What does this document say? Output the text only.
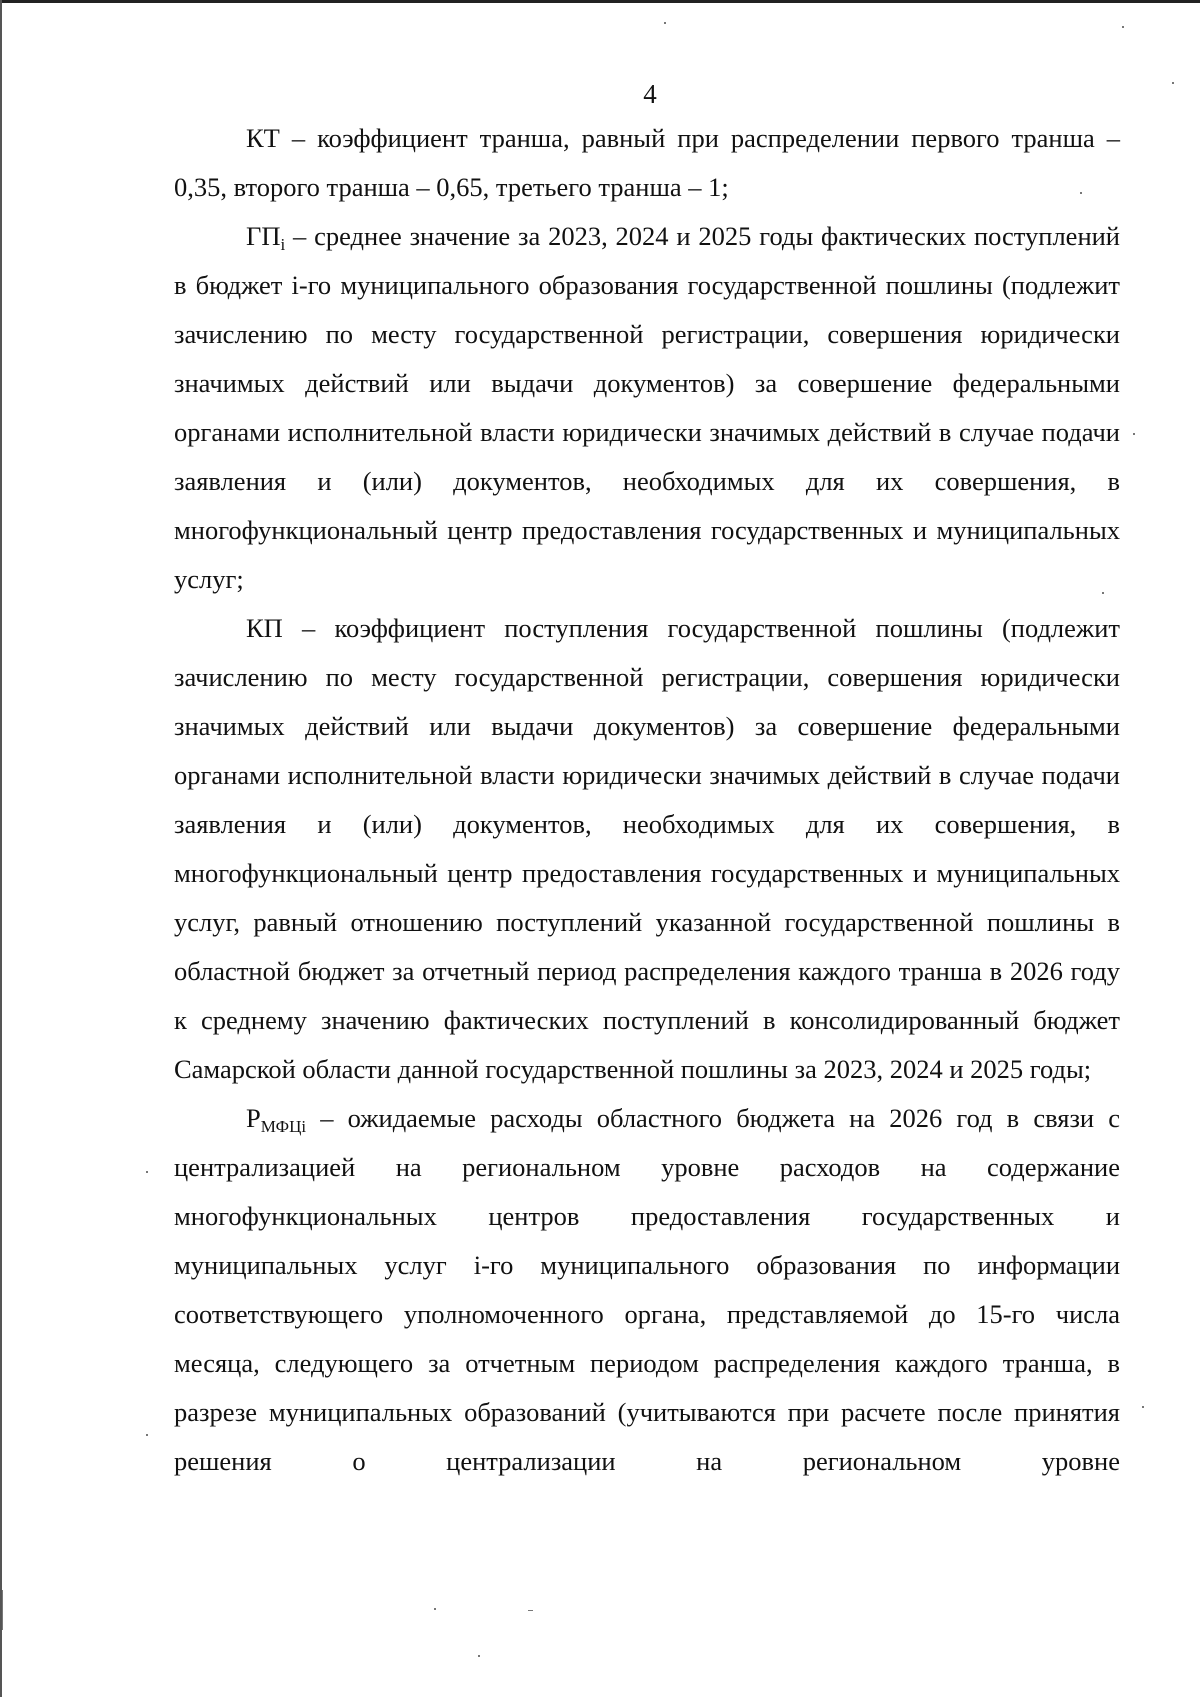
4

КТ – коэффициент транша, равный при распределении первого транша – 0,35, второго транша – 0,65, третьего транша – 1;

$ГП_i$ – среднее значение за 2023, 2024 и 2025 годы фактических поступлений в бюджет i-го муниципального образования государственной пошлины (подлежит зачислению по месту государственной регистрации, совершения юридически значимых действий или выдачи документов) за совершение федеральными органами исполнительной власти юридически значимых действий в случае подачи заявления и (или) документов, необходимых для их совершения, в многофункциональный центр предоставления государственных и муниципальных услуг;

КП – коэффициент поступления государственной пошлины (подлежит зачислению по месту государственной регистрации, совершения юридически значимых действий или выдачи документов) за совершение федеральными органами исполнительной власти юридически значимых действий в случае подачи заявления и (или) документов, необходимых для их совершения, в многофункциональный центр предоставления государственных и муниципальных услуг, равный отношению поступлений указанной государственной пошлины в областной бюджет за отчетный период распределения каждого транша в 2026 году к среднему значению фактических поступлений в консолидированный бюджет Самарской области данной государственной пошлины за 2023, 2024 и 2025 годы;

$Р_{МФЦi}$ – ожидаемые расходы областного бюджета на 2026 год в связи с централизацией на региональном уровне расходов на содержание многофункциональных центров предоставления государственных и муниципальных услуг i-го муниципального образования по информации соответствующего уполномоченного органа, представляемой до 15-го числа месяца, следующего за отчетным периодом распределения каждого транша, в разрезе муниципальных образований (учитываются при расчете после принятия решения о централизации на региональном уровне
